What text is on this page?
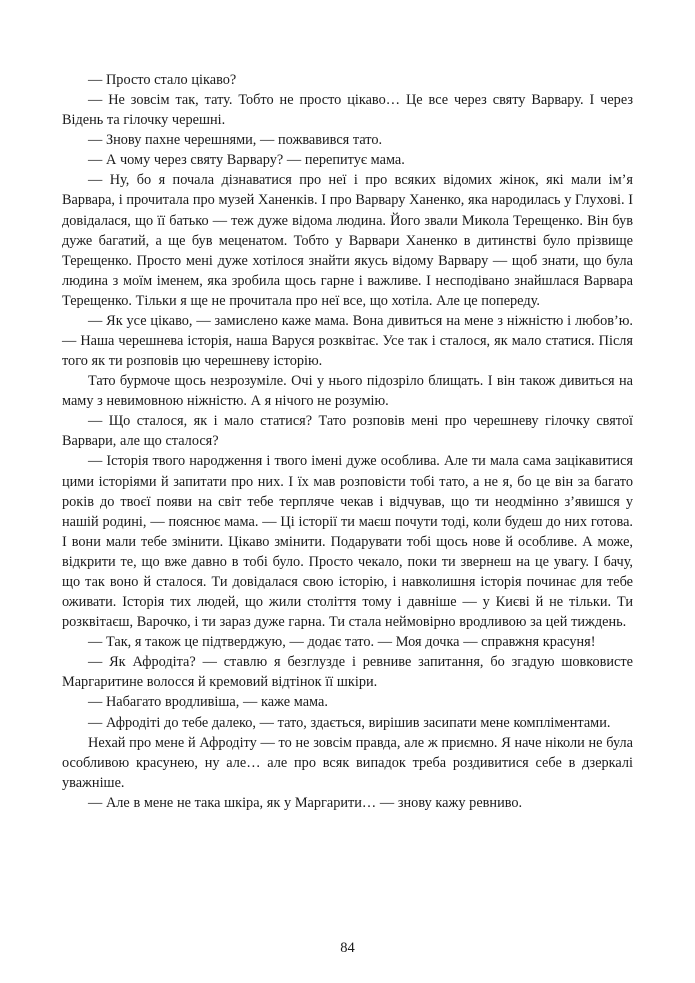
— Просто стало цікаво?

— Не зовсім так, тату. Тобто не просто цікаво… Це все через святу Варвару. І через Відень та гілочку черешні.

— Знову пахне черешнями, — пожвавився тато.

— А чому через святу Варвару? — перепитує мама.

— Ну, бо я почала дізнаватися про неї і про всяких відомих жінок, які мали ім’я Варвара, і прочитала про музей Ханенків. І про Варвару Ханенко, яка народилась у Глухові. І довідалася, що її батько — теж дуже відома людина. Його звали Микола Терещенко. Він був дуже багатий, а ще був меценатом. Тобто у Варвари Ханенко в дитинстві було прізвище Терещенко. Просто мені дуже хотілося знайти якусь відому Варвару — щоб знати, що була людина з моїм іменем, яка зробила щось гарне і важливе. І несподівано знайшлася Варвара Терещенко. Тільки я ще не прочитала про неї все, що хотіла. Але це попереду.

— Як усе цікаво, — замислено каже мама. Вона дивиться на мене з ніжністю і любов’ю. — Наша черешнева історія, наша Варуся розквітає. Усе так і сталося, як мало статися. Після того як ти розповів цю черешневу історію.

Тато бурмоче щось незрозуміле. Очі у нього підозріло блищать. І він також дивиться на маму з невимовною ніжністю. А я нічого не розумію.

— Що сталося, як і мало статися? Тато розповів мені про черешневу гілочку святої Варвари, але що сталося?

— Історія твого народження і твого імені дуже особлива. Але ти мала сама зацікавитися цими історіями й запитати про них. І їх мав розповісти тобі тато, а не я, бо це він за багато років до твоєї появи на світ тебе терпляче чекав і відчував, що ти неодмінно з’явишся у нашій родині, — пояснює мама. — Ці історії ти маєш почути тоді, коли будеш до них готова. І вони мали тебе змінити. Цікаво змінити. Подарувати тобі щось нове й особливе. А може, відкрити те, що вже давно в тобі було. Просто чекало, поки ти звернеш на це увагу. І бачу, що так воно й сталося. Ти довідалася свою історію, і навколишня історія починає для тебе оживати. Історія тих людей, що жили століття тому і давніше — у Києві й не тільки. Ти розквітаєш, Варочко, і ти зараз дуже гарна. Ти стала неймовірно вродливою за цей тиждень.

— Так, я також це підтверджую, — додає тато. — Моя дочка — справжня красуня!

— Як Афродіта? — ставлю я безглузде і ревниве запитання, бо згадую шовковисте Маргаритине волосся й кремовий відтінок її шкіри.

— Набагато вродливіша, — каже мама.

— Афродіті до тебе далеко, — тато, здається, вирішив засипати мене компліментами.

Нехай про мене й Афродіту — то не зовсім правда, але ж приємно. Я наче ніколи не була особливою красунею, ну але… але про всяк випадок треба роздивитися себе в дзеркалі уважніше.

— Але в мене не така шкіра, як у Маргарити… — знову кажу ревниво.

84
